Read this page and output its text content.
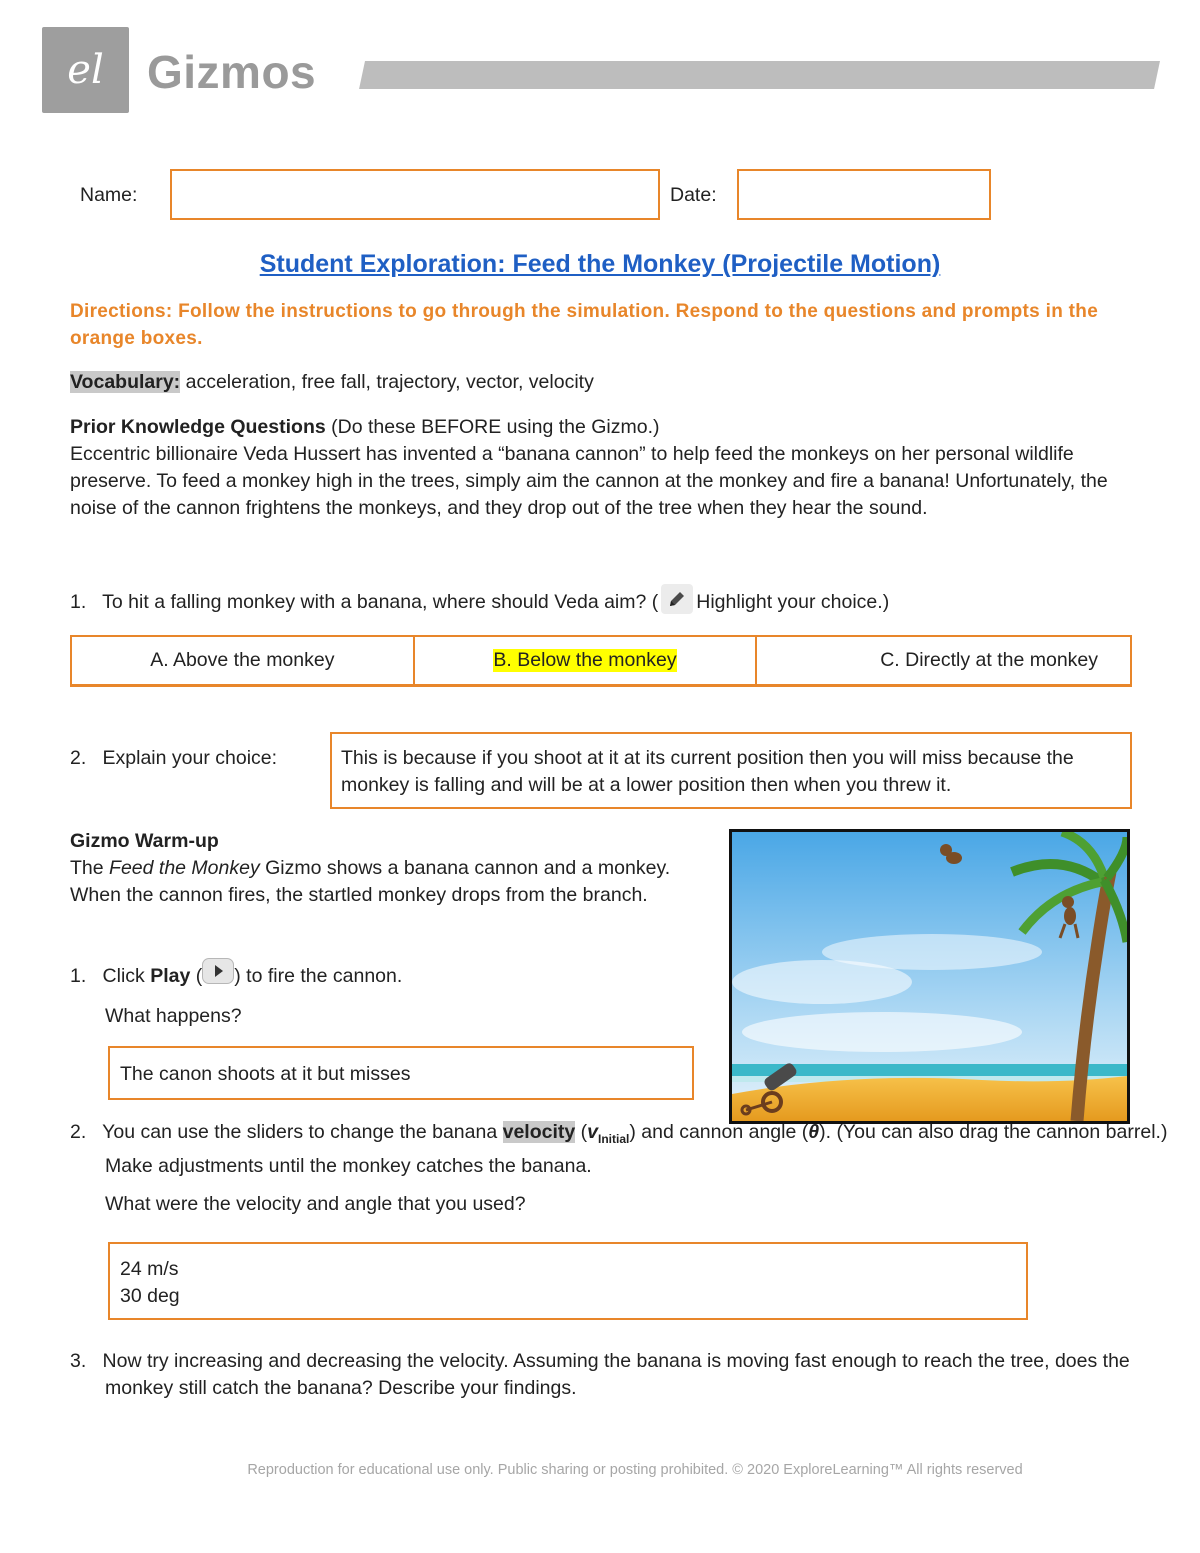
el Gizmos
Name:	Date:
Student Exploration: Feed the Monkey (Projectile Motion)
Directions: Follow the instructions to go through the simulation. Respond to the questions and prompts in the orange boxes.
Vocabulary: acceleration, free fall, trajectory, vector, velocity
Prior Knowledge Questions (Do these BEFORE using the Gizmo.)
Eccentric billionaire Veda Hussert has invented a “banana cannon” to help feed the monkeys on her personal wildlife preserve. To feed a monkey high in the trees, simply aim the cannon at the monkey and fire a banana! Unfortunately, the noise of the cannon frightens the monkeys, and they drop out of the tree when they hear the sound.
1. To hit a falling monkey with a banana, where should Veda aim? ( Highlight your choice.)
A. Above the monkey	B. Below the monkey	C. Directly at the monkey
2. Explain your choice:	This is because if you shoot at it at its current position then you will miss because the monkey is falling and will be at a lower position then when you threw it.
Gizmo Warm-up
The Feed the Monkey Gizmo shows a banana cannon and a monkey. When the cannon fires, the startled monkey drops from the branch.
1. Click Play ( ) to fire the cannon.
What happens?
The canon shoots at it but misses
2. You can use the sliders to change the banana velocity $(v_{Initial})$ and cannon angle (θ). (You can also drag the cannon barrel.) Make adjustments until the monkey catches the banana.
What were the velocity and angle that you used?
24 m/s
30 deg
3. Now try increasing and decreasing the velocity. Assuming the banana is moving fast enough to reach the tree, does the monkey still catch the banana? Describe your findings.
Reproduction for educational use only. Public sharing or posting prohibited. © 2020 ExploreLearning™ All rights reserved
